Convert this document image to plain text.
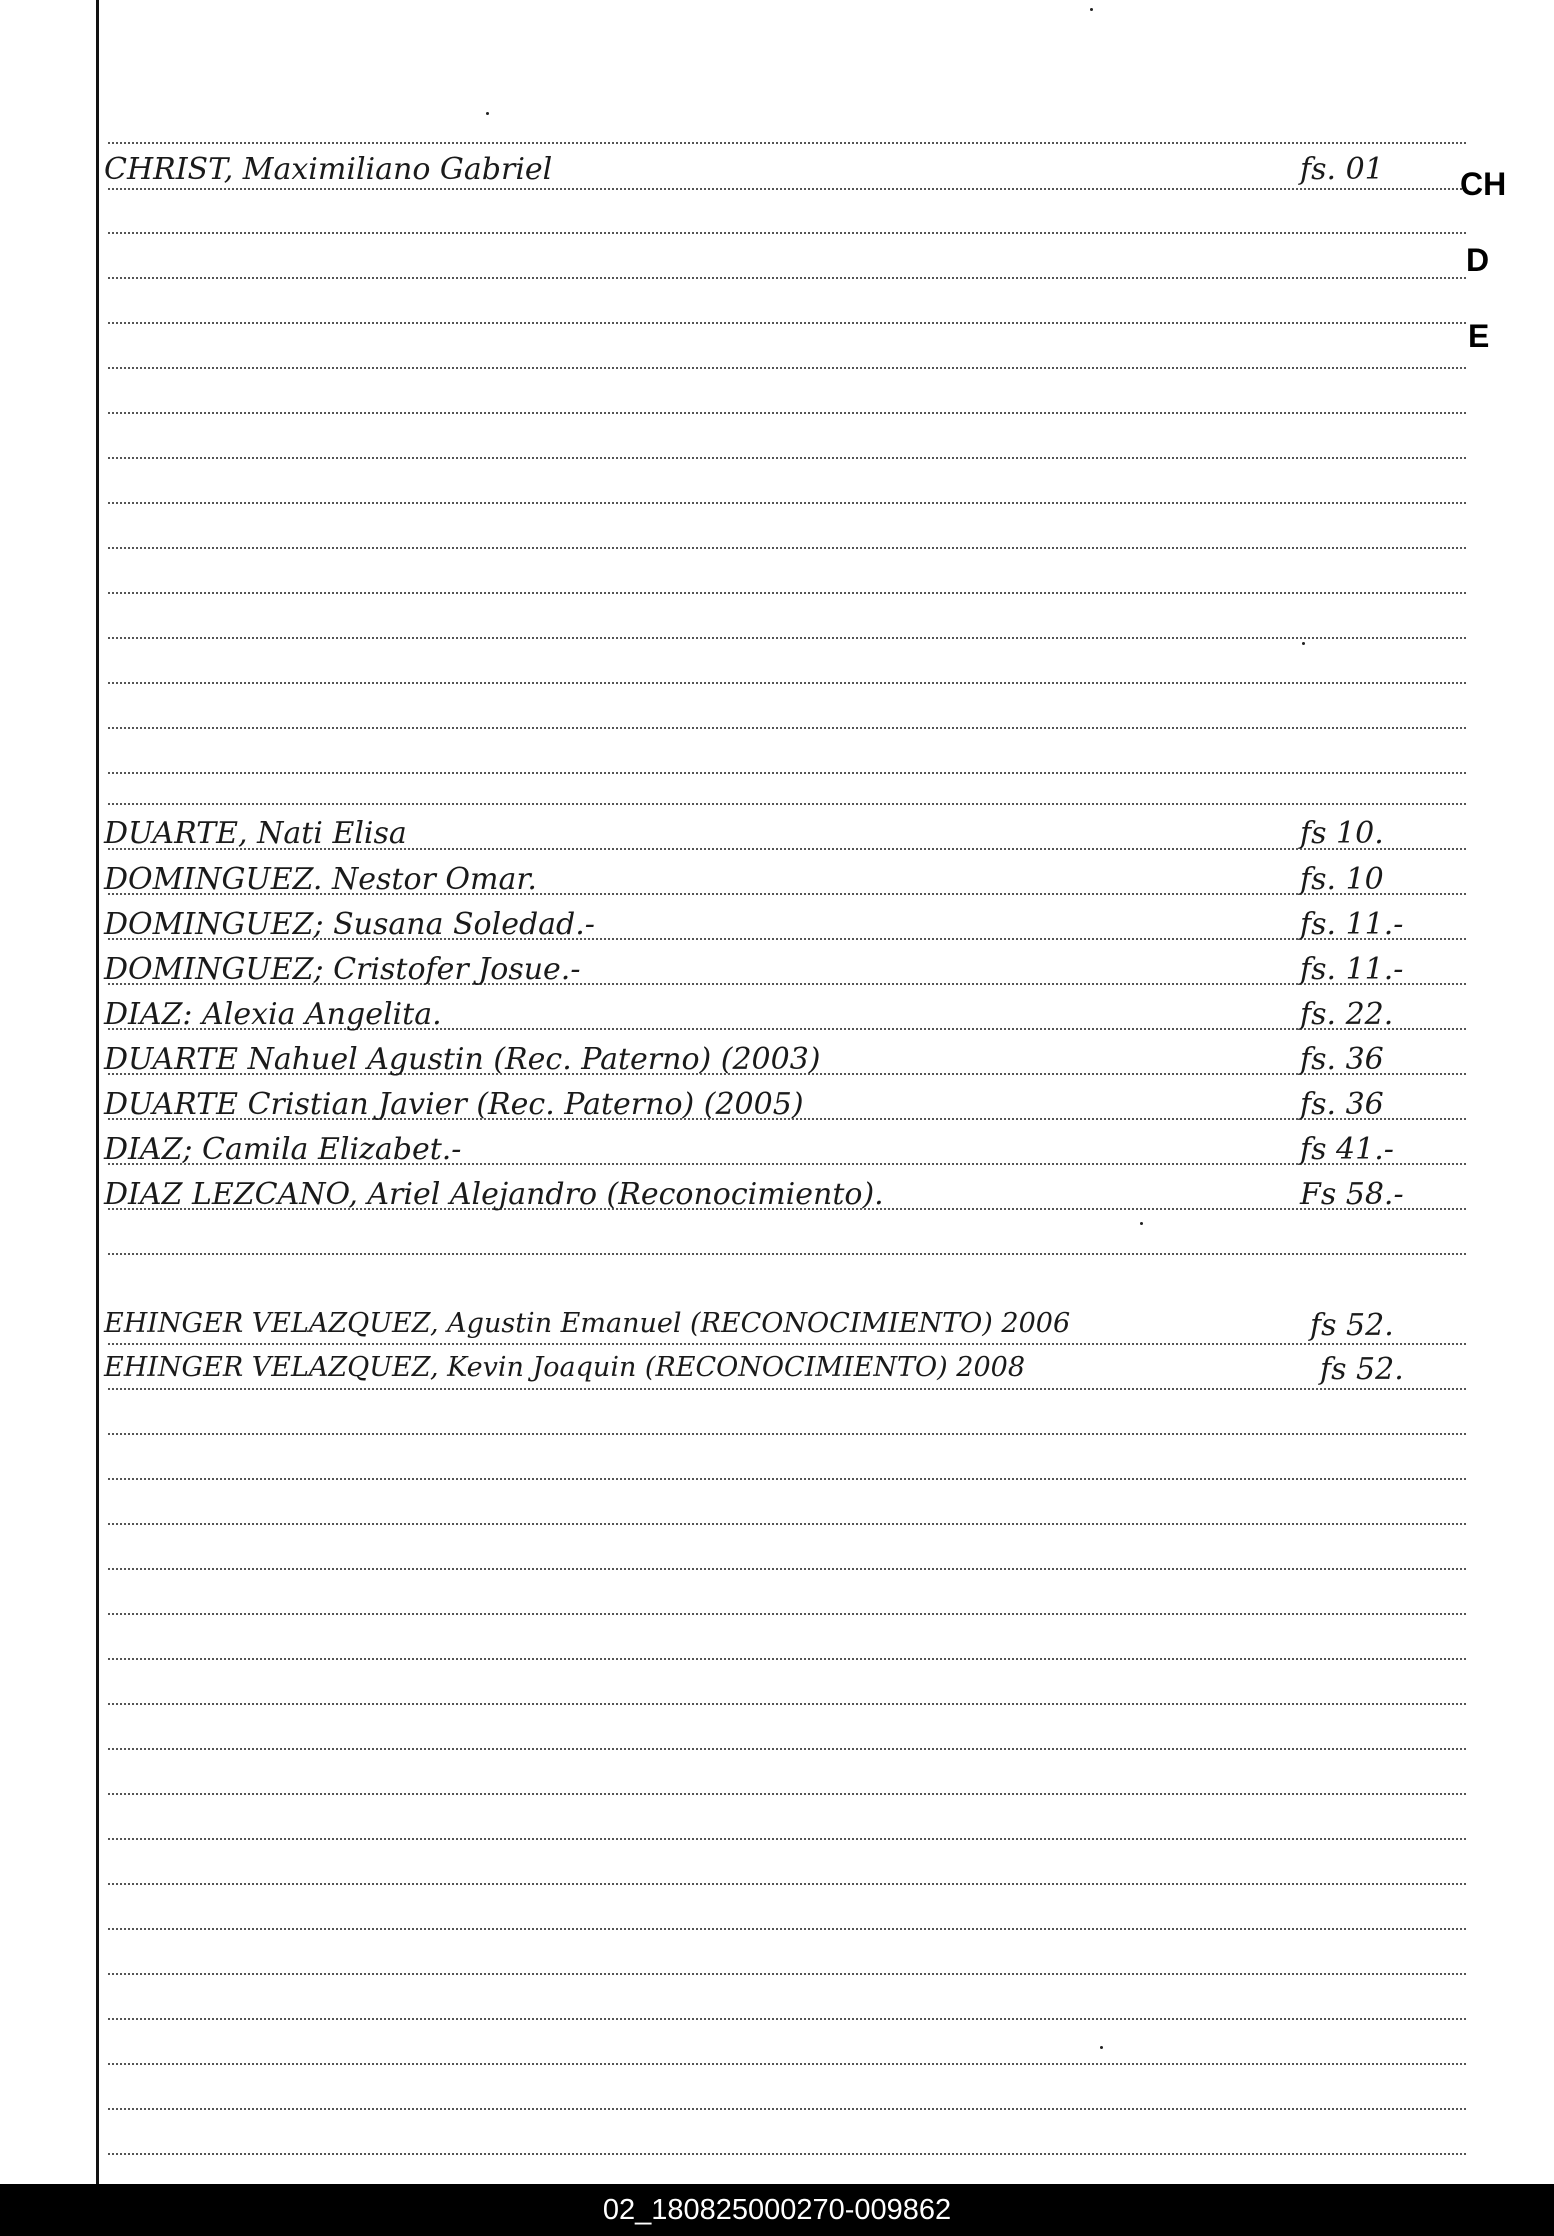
CH
D
E
CHRIST, Maximiliano Gabriel	fs. 01
DUARTE, Nati Elisa	fs 10.
DOMINGUEZ. Nestor Omar.	fs. 10
DOMINGUEZ; Susana Soledad.-	fs. 11.-
DOMINGUEZ; Cristofer Josue.-	fs. 11.-
DIAZ: Alexia Angelita.	fs. 22.
DUARTE Nahuel Agustin (Rec. Paterno) (2003)	fs. 36
DUARTE Cristian Javier (Rec. Paterno) (2005)	fs. 36
DIAZ; Camila Elizabet.-	fs 41.-
DIAZ LEZCANO, Ariel Alejandro (Reconocimiento).	Fs 58.-
EHINGER VELAZQUEZ, Agustin Emanuel (RECONOCIMIENTO) 2006	fs 52.
EHINGER VELAZQUEZ, Kevin Joaquin (RECONOCIMIENTO) 2008	fs 52.
02_180825000270-009862
